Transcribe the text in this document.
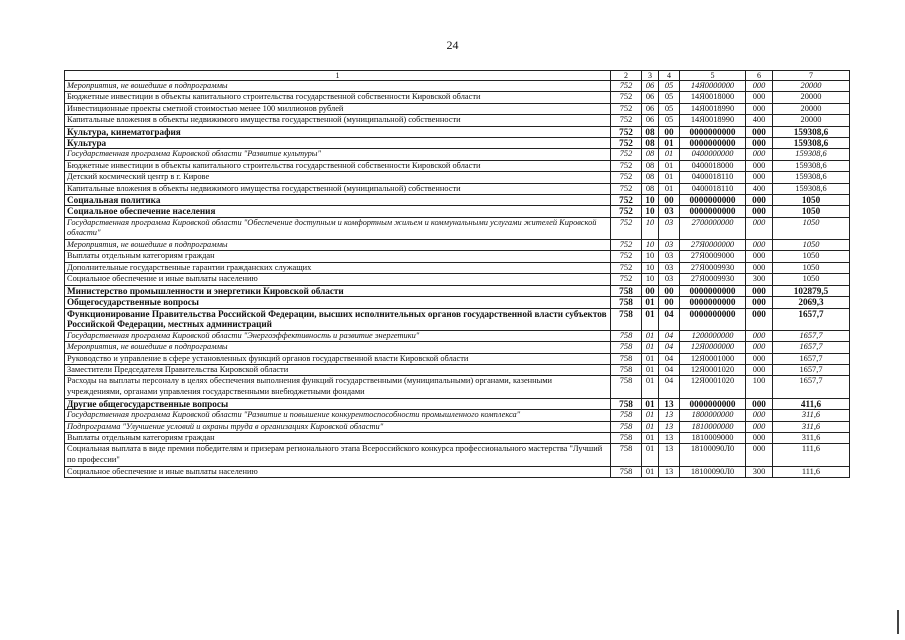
24
1	2	3	4	5	6	7
Мероприятия, не вошедшие в подпрограммы	752	06	05	14Я0000000	000	20000
Бюджетные инвестиции в объекты капитального строительства государственной собственности Кировской области	752	06	05	14Я0018000	000	20000
Инвестиционные проекты сметной стоимостью менее 100 миллионов рублей	752	06	05	14Я0018990	000	20000
Капитальные вложения в объекты недвижимого имущества государственной (муниципальной) собственности	752	06	05	14Я0018990	400	20000
Культура, кинематография	752	08	00	0000000000	000	159308,6
Культура	752	08	01	0000000000	000	159308,6
Государственная программа Кировской области "Развитие культуры"	752	08	01	0400000000	000	159308,6
Бюджетные инвестиции в объекты капитального строительства государственной собственности Кировской области	752	08	01	0400018000	000	159308,6
Детский космический центр в г. Кирове	752	08	01	0400018110	000	159308,6
Капитальные вложения в объекты недвижимого имущества государственной (муниципальной) собственности	752	08	01	0400018110	400	159308,6
Социальная политика	752	10	00	0000000000	000	1050
Социальное обеспечение населения	752	10	03	0000000000	000	1050
Государственная программа Кировской области "Обеспечение доступным и комфортным жильем и коммунальными услугами жителей Кировской области"	752	10	03	2700000000	000	1050
Мероприятия, не вошедшие в подпрограммы	752	10	03	27Я0000000	000	1050
Выплаты отдельным категориям граждан	752	10	03	27Я0009000	000	1050
Дополнительные государственные гарантии гражданских служащих	752	10	03	27Я0009930	000	1050
Социальное обеспечение и иные выплаты населению	752	10	03	27Я0009930	300	1050
Министерство промышленности и энергетики Кировской области	758	00	00	0000000000	000	102879,5
Общегосударственные вопросы	758	01	00	0000000000	000	2069,3
Функционирование Правительства Российской Федерации, высших исполнительных органов государственной власти субъектов Российской Федерации, местных администраций	758	01	04	0000000000	000	1657,7
Государственная программа Кировской области "Энергоэффективность и развитие энергетики"	758	01	04	1200000000	000	1657,7
Мероприятия, не вошедшие в подпрограммы	758	01	04	12Я0000000	000	1657,7
Руководство и управление в сфере установленных функций органов государственной власти Кировской области	758	01	04	12Я0001000	000	1657,7
Заместители Председателя Правительства Кировской области	758	01	04	12Я0001020	000	1657,7
Расходы на выплаты персоналу в целях обеспечения выполнения функций государственными (муниципальными) органами, казенными учреждениями, органами управления государственными внебюджетными фондами	758	01	04	12Я0001020	100	1657,7
Другие общегосударственные вопросы	758	01	13	0000000000	000	411,6
Государственная программа Кировской области "Развитие и повышение конкурентоспособности промышленного комплекса"	758	01	13	1800000000	000	311,6
Подпрограмма "Улучшение условий и охраны труда в организациях Кировской области"	758	01	13	1810000000	000	311,6
Выплаты отдельным категориям граждан	758	01	13	1810009000	000	311,6
Социальная выплата в виде премии победителям и призерам регионального этапа Всероссийского конкурса профессионального мастерства "Лучший по профессии"	758	01	13	18100090Л0	000	111,6
Социальное обеспечение и иные выплаты населению	758	01	13	18100090Л0	300	111,6
